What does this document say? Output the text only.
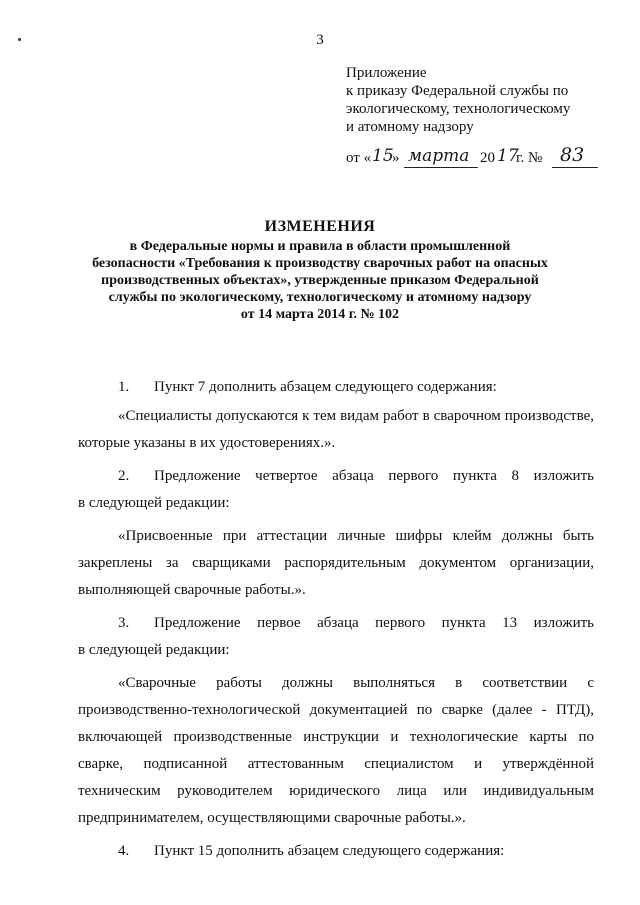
3
Приложение
к приказу Федеральной службы по
экологическому, технологическому
и атомному надзору
от « 15
» марта 20 17
г. № 83
ИЗМЕНЕНИЯ
в Федеральные нормы и правила в области промышленной
безопасности «Требования к производству сварочных работ на опасных
производственных объектах», утвержденные приказом Федеральной
службы по экологическому, технологическому и атомному надзору
от 14 марта 2014 г. № 102
1.	Пункт 7 дополнить абзацем следующего содержания:
«Специалисты допускаются к тем видам работ в сварочном производстве, которые указаны в их удостоверениях.».
2.	Предложение четвертое абзаца первого пункта 8 изложить
в следующей редакции:
«Присвоенные при аттестации личные шифры клейм должны быть закреплены за сварщиками распорядительным документом организации, выполняющей сварочные работы.».
3.	Предложение первое абзаца первого пункта 13 изложить
в следующей редакции:
«Сварочные работы должны выполняться в соответствии с производственно-технологической документацией по сварке (далее - ПТД), включающей производственные инструкции и технологические карты по сварке, подписанной аттестованным специалистом и утверждённой техническим руководителем юридического лица или индивидуальным предпринимателем, осуществляющими сварочные работы.».
4.	Пункт 15 дополнить абзацем следующего содержания:
